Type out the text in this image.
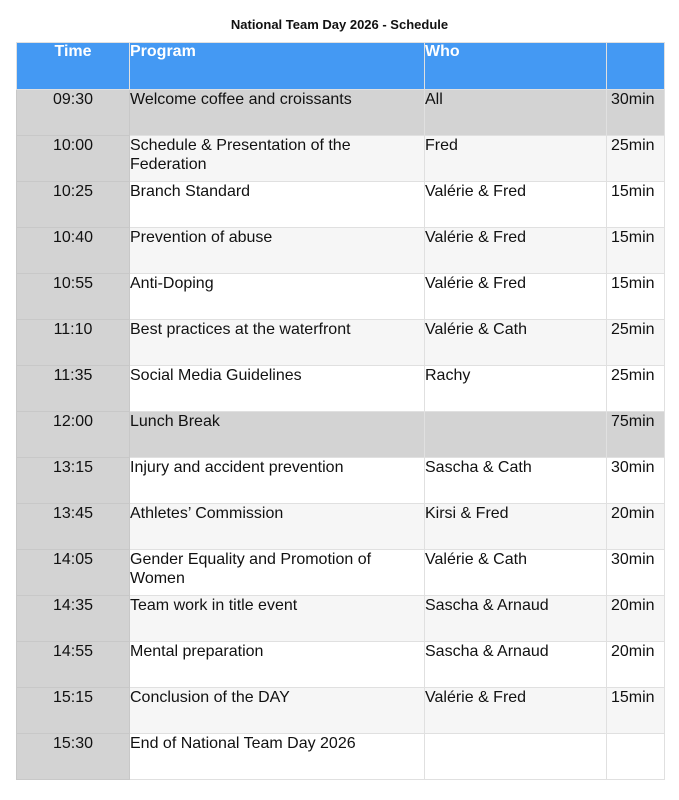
National Team Day 2026 - Schedule
Time	Program	Who	
09:30	Welcome coffee and croissants	All	30min
10:00	Schedule & Presentation of the Federation	Fred	25min
10:25	Branch Standard	Valérie & Fred	15min
10:40	Prevention of abuse	Valérie & Fred	15min
10:55	Anti-Doping	Valérie & Fred	15min
11:10	Best practices at the waterfront	Valérie & Cath	25min
11:35	Social Media Guidelines	Rachy	25min
12:00	Lunch Break		75min
13:15	Injury and accident prevention	Sascha & Cath	30min
13:45	Athletes’ Commission	Kirsi & Fred	20min
14:05	Gender Equality and Promotion of Women	Valérie & Cath	30min
14:35	Team work in title event	Sascha & Arnaud	20min
14:55	Mental preparation	Sascha & Arnaud	20min
15:15	Conclusion of the DAY	Valérie & Fred	15min
15:30	End of National Team Day 2026		
